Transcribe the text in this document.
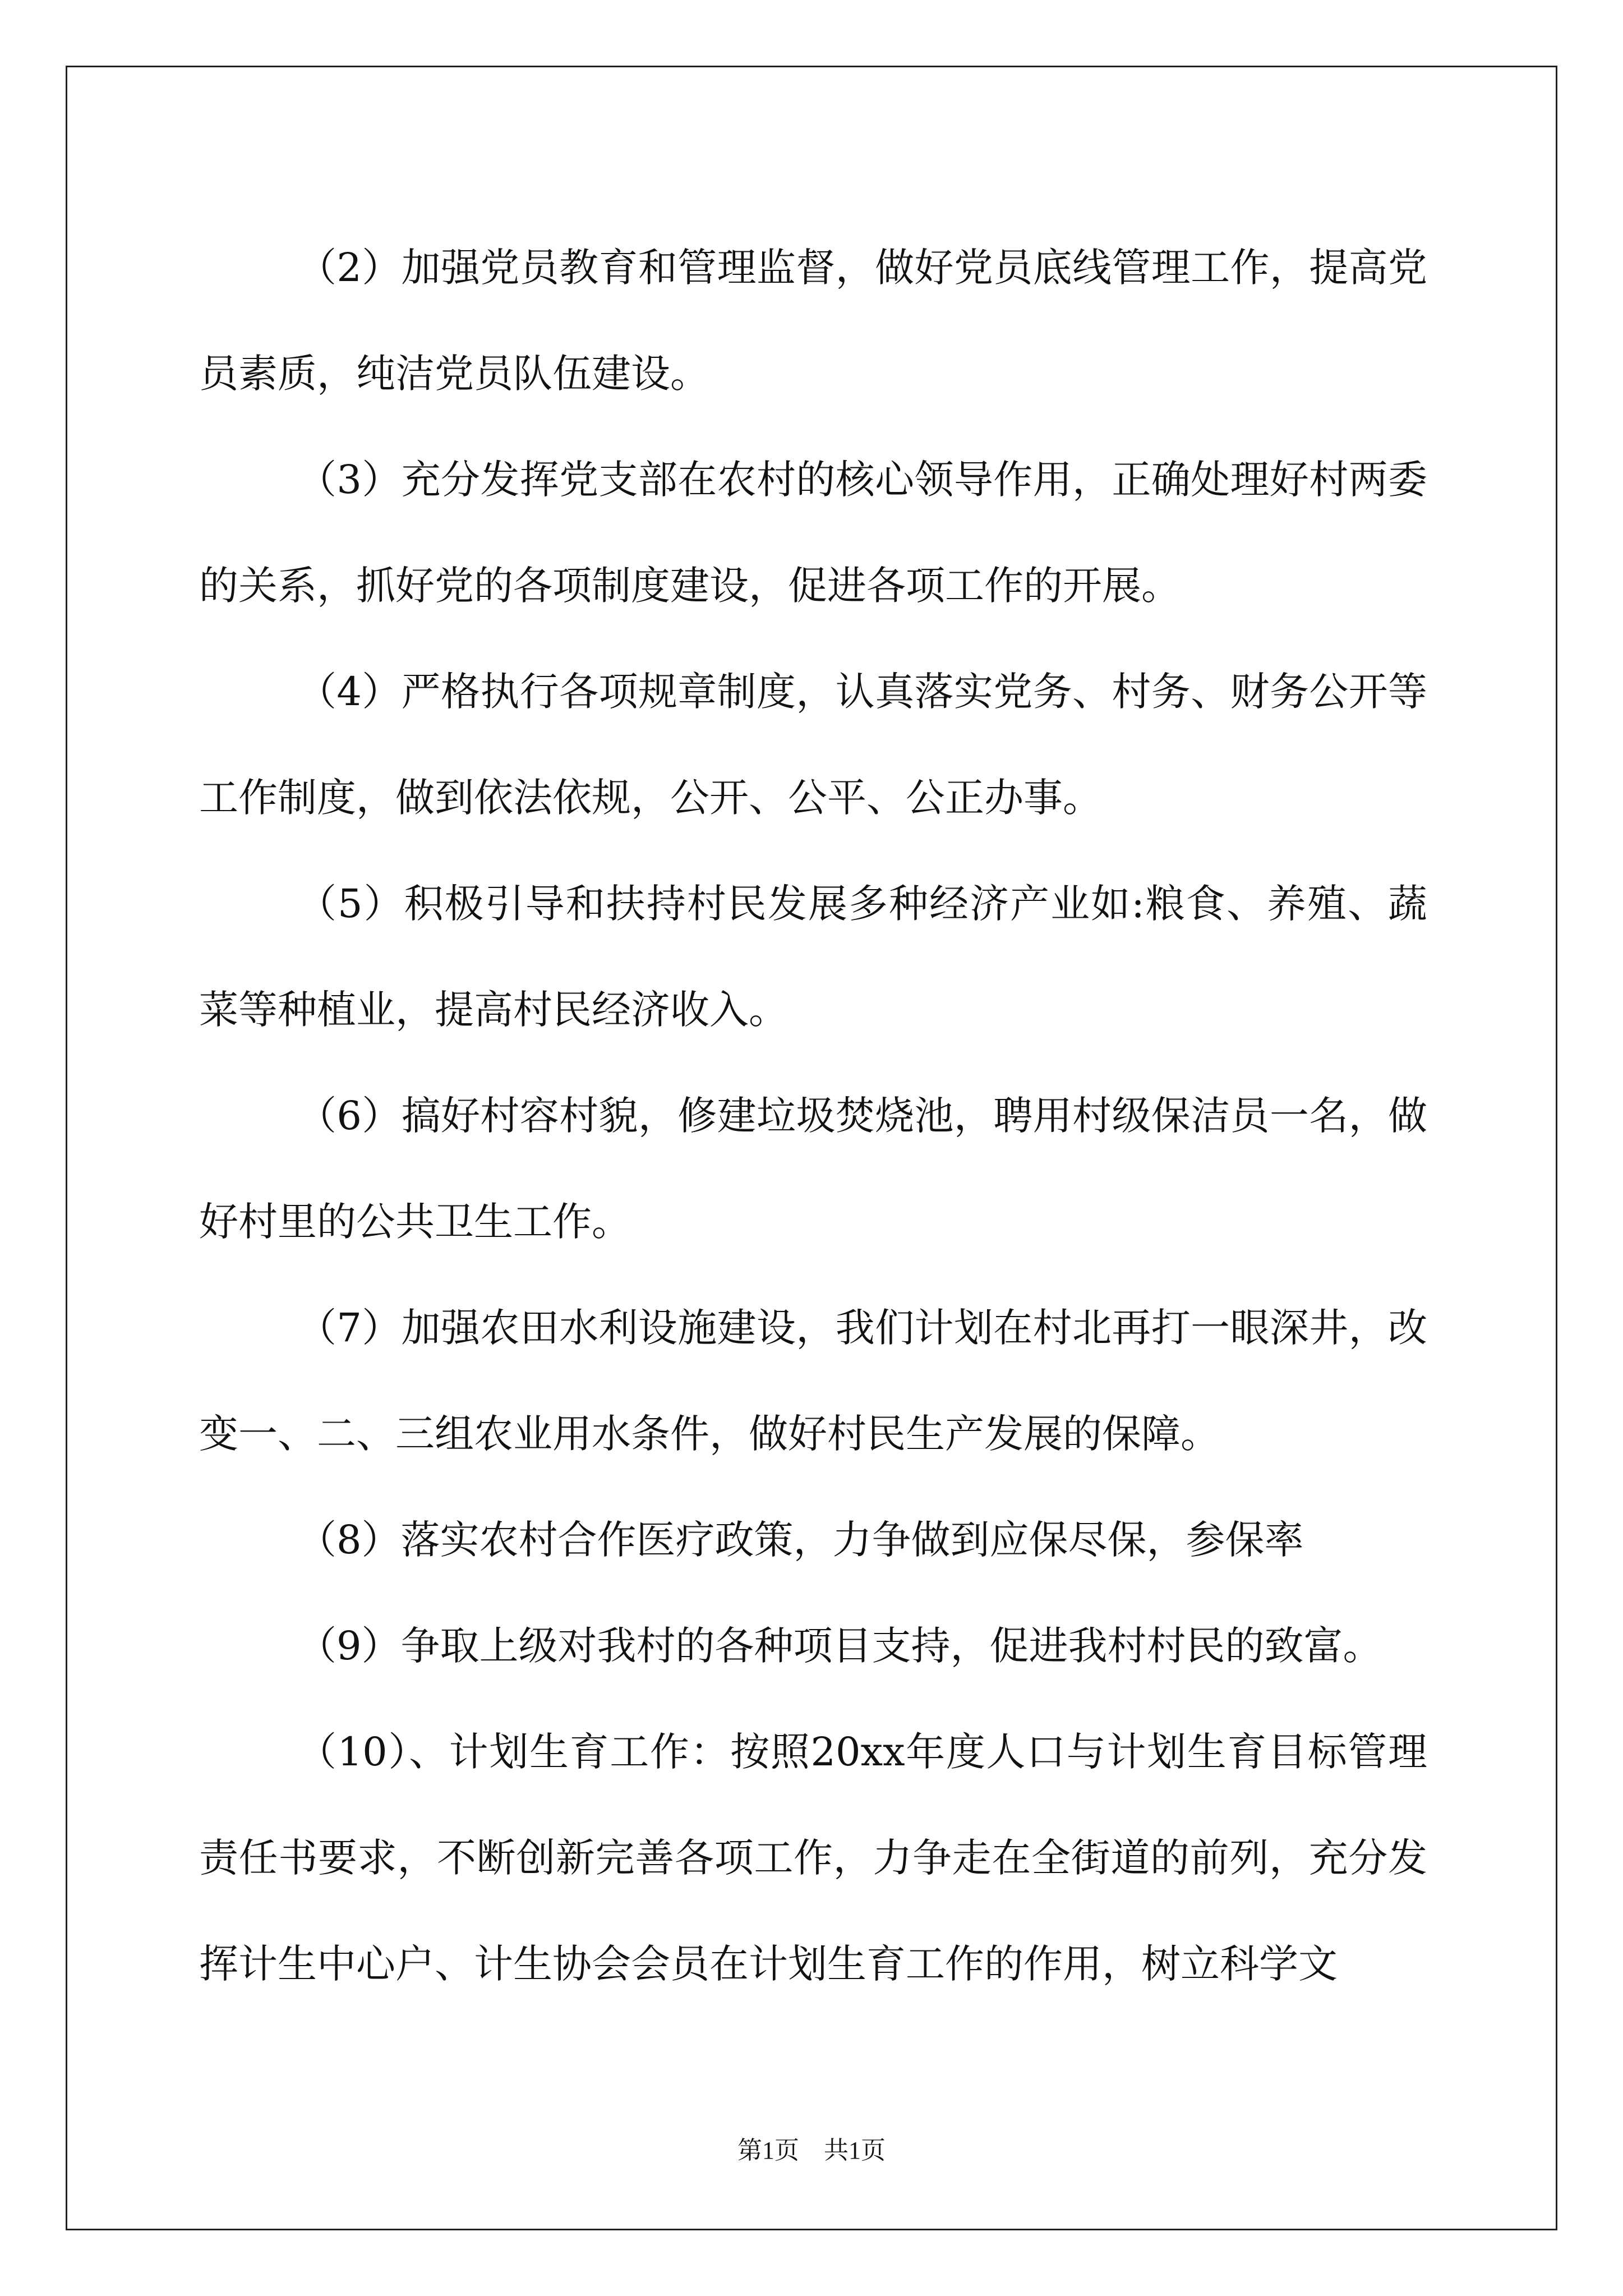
（2）加强党员教育和管理监督，做好党员底线管理工作，提高党员素质，纯洁党员队伍建设。

（3）充分发挥党支部在农村的核心领导作用，正确处理好村两委的关系，抓好党的各项制度建设，促进各项工作的开展。

（4）严格执行各项规章制度，认真落实党务、村务、财务公开等工作制度，做到依法依规，公开、公平、公正办事。

（5）积极引导和扶持村民发展多种经济产业如:粮食、养殖、蔬菜等种植业，提高村民经济收入。

（6）搞好村容村貌，修建垃圾焚烧池，聘用村级保洁员一名，做好村里的公共卫生工作。

（7）加强农田水利设施建设，我们计划在村北再打一眼深井，改变一、二、三组农业用水条件，做好村民生产发展的保障。

（8）落实农村合作医疗政策，力争做到应保尽保，参保率

（9）争取上级对我村的各种项目支持，促进我村村民的致富。

（10）、计划生育工作：按照20xx年度人口与计划生育目标管理责任书要求，不断创新完善各项工作，力争走在全街道的前列，充分发挥计生中心户、计生协会会员在计划生育工作的作用，树立科学文

第1页 共1页
